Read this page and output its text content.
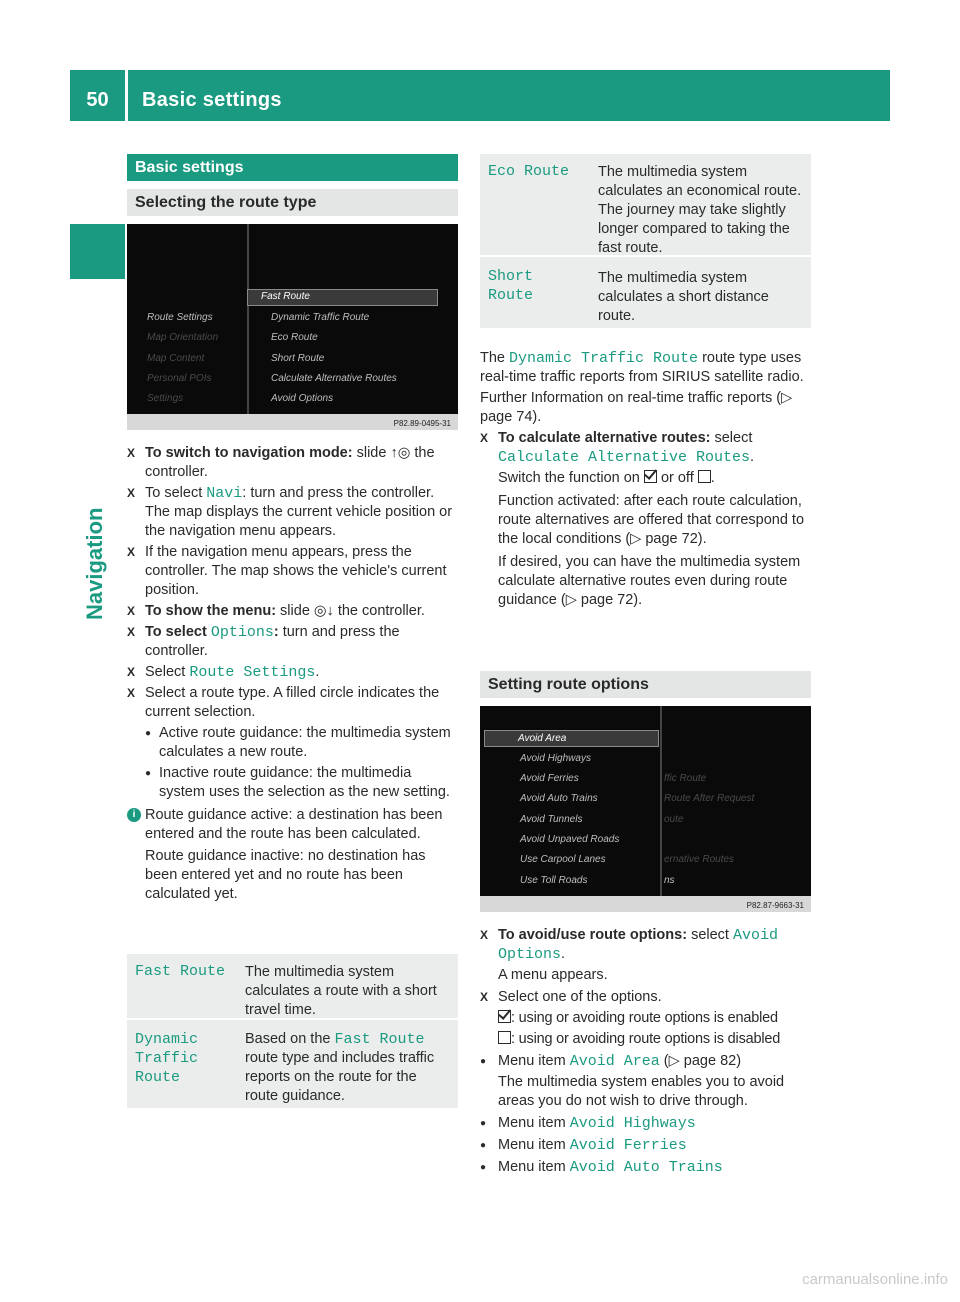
50	Basic settings
Navigation
Basic settings
Selecting the route type
Route Settings
Map Orientation
Map Content
Personal POIs
Settings
Fast Route
Dynamic Traffic Route
Eco Route
Short Route
Calculate Alternative Routes
Avoid Options
P82.89-0495-31
X To switch to navigation mode: slide ↑◎ the controller.
X To select Navi: turn and press the controller. The map displays the current vehicle position or the navigation menu appears.
X If the navigation menu appears, press the controller. The map shows the vehicle's current position.
X To show the menu: slide ◎↓ the controller.
X To select Options: turn and press the controller.
X Select Route Settings.
X Select a route type. A filled circle indicates the current selection.
● Active route guidance: the multimedia system calculates a new route.
● Inactive route guidance: the multimedia system uses the selection as the new setting.
i Route guidance active: a destination has been entered and the route has been calculated.
Route guidance inactive: no destination has been entered yet and no route has been calculated yet.
Fast Route The multimedia system calculates a route with a short travel time.
Dynamic Traffic Route
Based on the Fast Route route type and includes traffic reports on the route for the route guidance.
Eco Route	The multimedia system calculates an economical route. The journey may take slightly longer compared to taking the fast route.
Short Route
The multimedia system calculates a short distance route.
The Dynamic Traffic Route route type uses real-time traffic reports from SIRIUS satellite radio.
Further Information on real-time traffic reports (▷ page 74).
X To calculate alternative routes: select Calculate Alternative Routes.
Switch the function on or off .
Function activated: after each route calculation, route alternatives are offered that correspond to the local conditions (▷ page 72).
If desired, you can have the multimedia system calculate alternative routes even during route guidance (▷ page 72).
Setting route options
Avoid Area
Avoid Highways
Avoid Ferries
Avoid Auto Trains
Avoid Tunnels
Avoid Unpaved Roads
Use Carpool Lanes
Use Toll Roads
ffic Route
Route After Request
oute
ernative Routes
ns
P82.87-9663-31
X To avoid/use route options: select Avoid Options.
A menu appears.
X Select one of the options.
: using or avoiding route options is enabled
: using or avoiding route options is disabled
● Menu item Avoid Area (▷ page 82)
The multimedia system enables you to avoid areas you do not wish to drive through.
● Menu item Avoid Highways
● Menu item Avoid Ferries
● Menu item Avoid Auto Trains
carmanualsonline.info
